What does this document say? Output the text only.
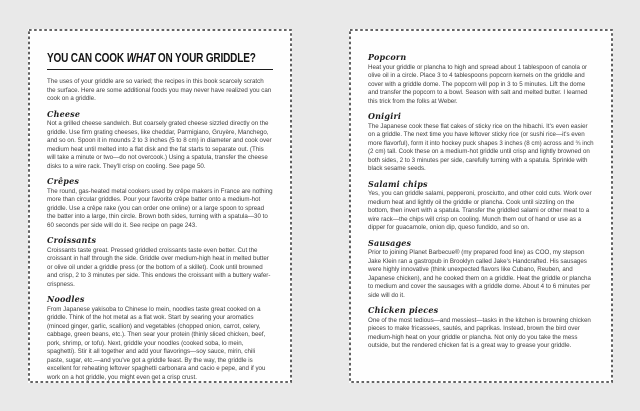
YOU CAN COOK WHAT ON YOUR GRIDDLE?

The uses of your griddle are so varied; the recipes in this book scarcely scratch the surface. Here are some additional foods you may never have realized you can cook on a griddle.

Cheese

Not a grilled cheese sandwich. But coarsely grated cheese sizzled directly on the griddle. Use firm grating cheeses, like cheddar, Parmigiano, Gruyère, Manchego, and so on. Spoon it in mounds 2 to 3 inches (5 to 8 cm) in diameter and cook over medium heat until melted into a flat disk and the fat starts to separate out. (This will take a minute or two—do not overcook.) Using a spatula, transfer the cheese disks to a wire rack. They'll crisp on cooling. See page 50.

Crêpes

The round, gas-heated metal cookers used by crêpe makers in France are nothing more than circular griddles. Pour your favorite crêpe batter onto a medium-hot griddle. Use a crêpe rake (you can order one online) or a large spoon to spread the batter into a large, thin circle. Brown both sides, turning with a spatula—30 to 60 seconds per side will do it. See recipe on page 243.

Croissants

Croissants taste great. Pressed griddled croissants taste even better. Cut the croissant in half through the side. Griddle over medium-high heat in melted butter or olive oil under a griddle press (or the bottom of a skillet). Cook until browned and crisp, 2 to 3 minutes per side. This endows the croissant with a buttery wafer-crispness.

Noodles

From Japanese yakisoba to Chinese lo mein, noodles taste great cooked on a griddle. Think of the hot metal as a flat wok. Start by searing your aromatics (minced ginger, garlic, scallion) and vegetables (chopped onion, carrot, celery, cabbage, green beans, etc.). Then sear your protein (thinly sliced chicken, beef, pork, shrimp, or tofu). Next, griddle your noodles (cooked soba, lo mein, spaghetti). Stir it all together and add your flavorings—soy sauce, mirin, chili paste, sugar, etc.—and you've got a griddle feast. By the way, the griddle is excellent for reheating leftover spaghetti carbonara and cacio e pepe, and if you work on a hot griddle, you might even get a crisp crust.

Popcorn

Heat your griddle or plancha to high and spread about 1 tablespoon of canola or olive oil in a circle. Place 3 to 4 tablespoons popcorn kernels on the griddle and cover with a griddle dome. The popcorn will pop in 3 to 5 minutes. Lift the dome and transfer the popcorn to a bowl. Season with salt and melted butter. I learned this trick from the folks at Weber.

Onigiri

The Japanese cook these flat cakes of sticky rice on the hibachi. It's even easier on a griddle. The next time you have leftover sticky rice (or sushi rice—it's even more flavorful), form it into hockey puck shapes 3 inches (8 cm) across and ¾ inch (2 cm) tall. Cook these on a medium-hot griddle until crisp and lightly browned on both sides, 2 to 3 minutes per side, carefully turning with a spatula. Sprinkle with black sesame seeds.

Salami chips

Yes, you can griddle salami, pepperoni, prosciutto, and other cold cuts. Work over medium heat and lightly oil the griddle or plancha. Cook until sizzling on the bottom, then invert with a spatula. Transfer the griddled salami or other meat to a wire rack—the chips will crisp on cooling. Munch them out of hand or use as a dipper for guacamole, onion dip, queso fundido, and so on.

Sausages

Prior to joining Planet Barbecue® (my prepared food line) as COO, my stepson Jake Klein ran a gastropub in Brooklyn called Jake's Handcrafted. His sausages were highly innovative (think unexpected flavors like Cubano, Reuben, and Japanese chicken), and he cooked them on a griddle. Heat the griddle or plancha to medium and cover the sausages with a griddle dome. About 4 to 6 minutes per side will do it.

Chicken pieces

One of the most tedious—and messiest—tasks in the kitchen is browning chicken pieces to make fricassees, sautés, and paprikas. Instead, brown the bird over medium-high heat on your griddle or plancha. Not only do you take the mess outside, but the rendered chicken fat is a great way to grease your griddle.
